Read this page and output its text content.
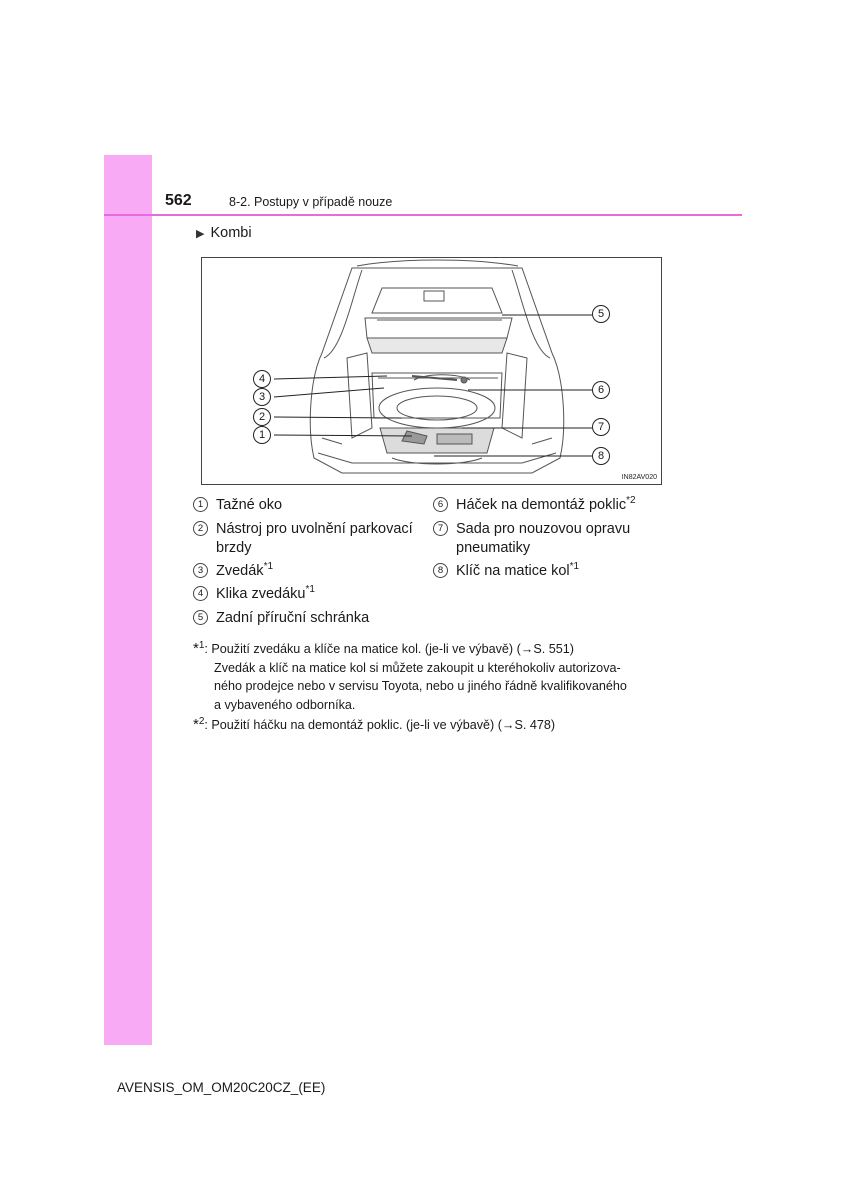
562	8-2. Postupy v případě nouze
▶ Kombi
4
3
2
1
5
6
7
8
IN82AV020
1 Tažné oko
2 Nástroj pro uvolnění parkovací
brzdy
3 Zvedák$^{*1}$
4 Klika zvedáku$^{*1}$
5 Zadní příruční schránka
6 Háček na demontáž poklic$^{*2}$
7 Sada pro nouzovou opravu
pneumatiky
8 Klíč na matice kol$^{*1}$
*$^1$: Použití zvedáku a klíče na matice kol. (je-li ve výbavě) (→S. 551)
Zvedák a klíč na matice kol si můžete zakoupit u kteréhokoliv autorizova-
ného prodejce nebo v servisu Toyota, nebo u jiného řádně kvalifikovaného
a vybaveného odborníka.
*$^2$: Použití háčku na demontáž poklic. (je-li ve výbavě) (→S. 478)
AVENSIS_OM_OM20C20CZ_(EE)
